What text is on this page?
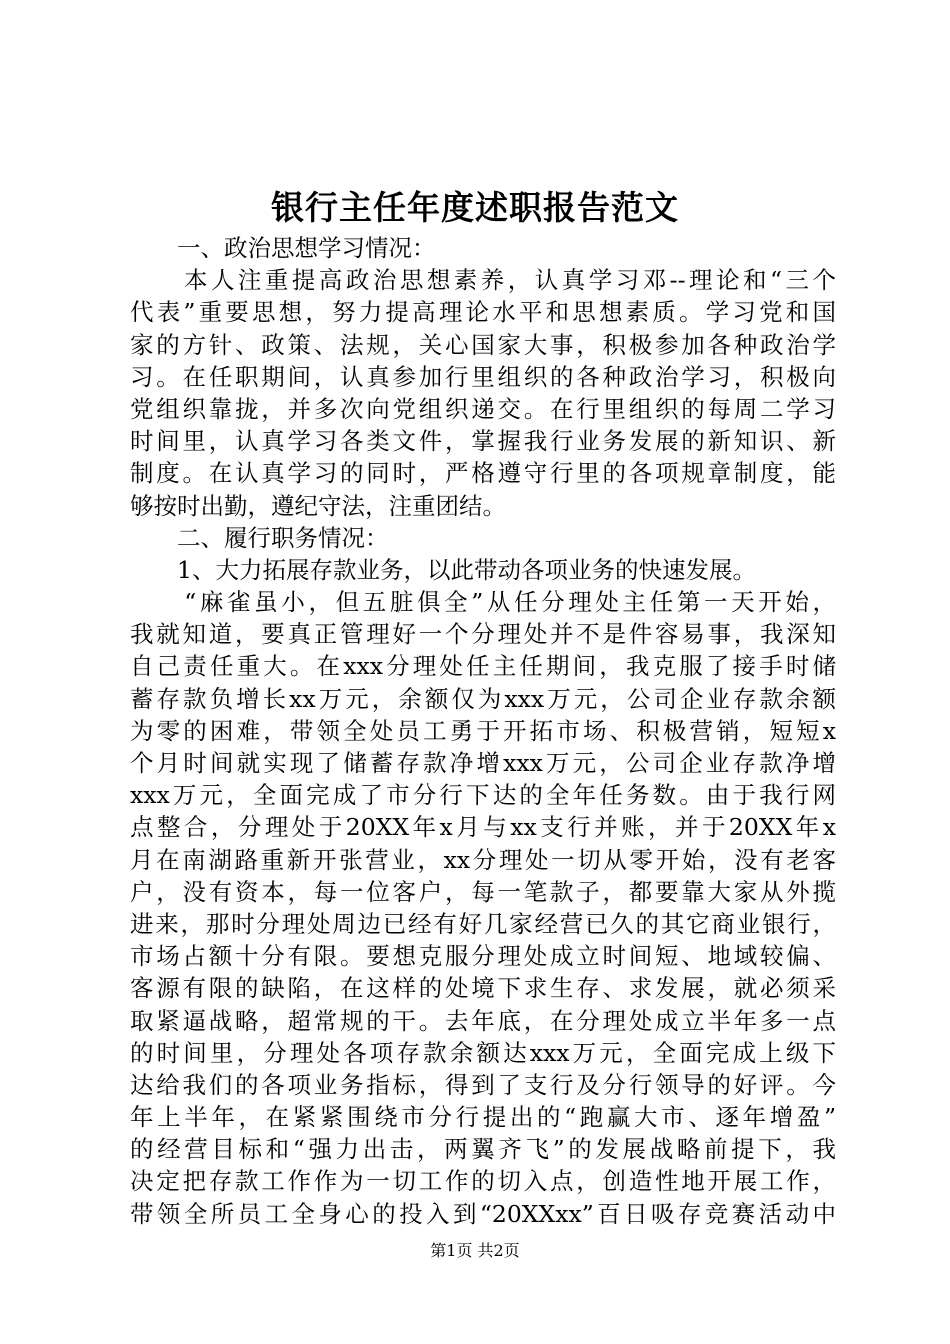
银行主任年度述职报告范文
　　一、政治思想学习情况：
　　本人注重提高政治思想素养，认真学习邓--理论和“三个
代表”重要思想，努力提高理论水平和思想素质。学习党和国
家的方针、政策、法规，关心国家大事，积极参加各种政治学
习。在任职期间，认真参加行里组织的各种政治学习，积极向
党组织靠拢，并多次向党组织递交。在行里组织的每周二学习
时间里，认真学习各类文件，掌握我行业务发展的新知识、新
制度。在认真学习的同时，严格遵守行里的各项规章制度，能
够按时出勤，遵纪守法，注重团结。
　　二、履行职务情况：
　　1、大力拓展存款业务，以此带动各项业务的快速发展。
　　“麻雀虽小，但五脏俱全”从任分理处主任第一天开始，
我就知道，要真正管理好一个分理处并不是件容易事，我深知
自己责任重大。在xxx分理处任主任期间，我克服了接手时储
蓄存款负增长xx万元，余额仅为xxx万元，公司企业存款余额
为零的困难，带领全处员工勇于开拓市场、积极营销，短短x
个月时间就实现了储蓄存款净增xxx万元，公司企业存款净增
xxx万元，全面完成了市分行下达的全年任务数。由于我行网
点整合，分理处于20XX年x月与xx支行并账，并于20XX年x
月在南湖路重新开张营业，xx分理处一切从零开始，没有老客
户，没有资本，每一位客户，每一笔款子，都要靠大家从外揽
进来，那时分理处周边已经有好几家经营已久的其它商业银行，
市场占额十分有限。要想克服分理处成立时间短、地域较偏、
客源有限的缺陷，在这样的处境下求生存、求发展，就必须采
取紧逼战略，超常规的干。去年底，在分理处成立半年多一点
的时间里，分理处各项存款余额达xxx万元，全面完成上级下
达给我们的各项业务指标，得到了支行及分行领导的好评。今
年上半年，在紧紧围绕市分行提出的“跑赢大市、逐年增盈”
的经营目标和“强力出击，两翼齐飞”的发展战略前提下，我
决定把存款工作作为一切工作的切入点，创造性地开展工作，
带领全所员工全身心的投入到“20XXxx”百日吸存竞赛活动中
第1页 共2页
